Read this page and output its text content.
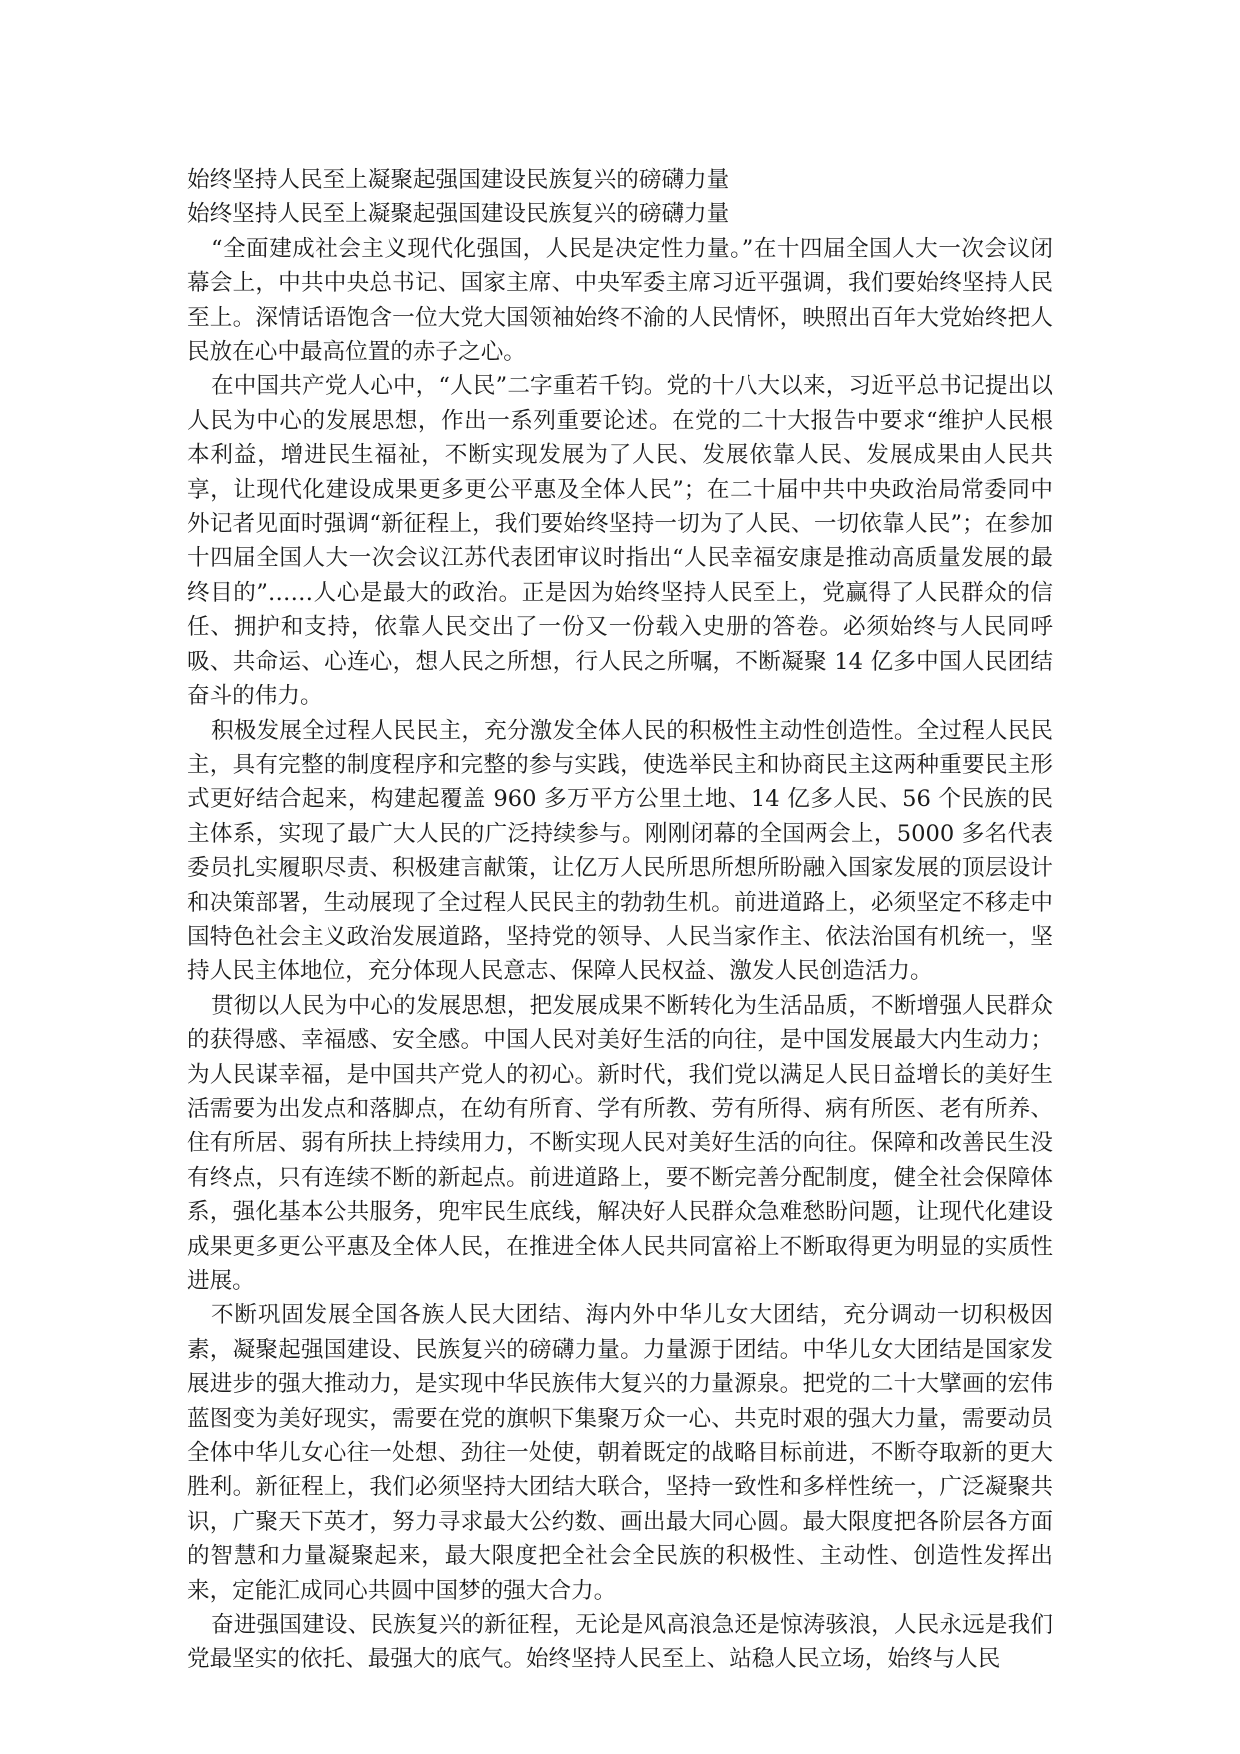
始终坚持人民至上凝聚起强国建设民族复兴的磅礴力量

始终坚持人民至上凝聚起强国建设民族复兴的磅礴力量

“全面建成社会主义现代化强国，人民是决定性力量。”在十四届全国人大一次会议闭幕会上，中共中央总书记、国家主席、中央军委主席习近平强调，我们要始终坚持人民至上。深情话语饱含一位大党大国领袖始终不渝的人民情怀，映照出百年大党始终把人民放在心中最高位置的赤子之心。

在中国共产党人心中，“人民”二字重若千钧。党的十八大以来，习近平总书记提出以人民为中心的发展思想，作出一系列重要论述。在党的二十大报告中要求“维护人民根本利益，增进民生福祉，不断实现发展为了人民、发展依靠人民、发展成果由人民共享，让现代化建设成果更多更公平惠及全体人民”；在二十届中共中央政治局常委同中外记者见面时强调“新征程上，我们要始终坚持一切为了人民、一切依靠人民”；在参加十四届全国人大一次会议江苏代表团审议时指出“人民幸福安康是推动高质量发展的最终目的”……人心是最大的政治。正是因为始终坚持人民至上，党赢得了人民群众的信任、拥护和支持，依靠人民交出了一份又一份载入史册的答卷。必须始终与人民同呼吸、共命运、心连心，想人民之所想，行人民之所嘱，不断凝聚 14 亿多中国人民团结奋斗的伟力。

积极发展全过程人民民主，充分激发全体人民的积极性主动性创造性。全过程人民民主，具有完整的制度程序和完整的参与实践，使选举民主和协商民主这两种重要民主形式更好结合起来，构建起覆盖 960 多万平方公里土地、14 亿多人民、56 个民族的民主体系，实现了最广大人民的广泛持续参与。刚刚闭幕的全国两会上，5000 多名代表委员扎实履职尽责、积极建言献策，让亿万人民所思所想所盼融入国家发展的顶层设计和决策部署，生动展现了全过程人民民主的勃勃生机。前进道路上，必须坚定不移走中国特色社会主义政治发展道路，坚持党的领导、人民当家作主、依法治国有机统一，坚持人民主体地位，充分体现人民意志、保障人民权益、激发人民创造活力。

贯彻以人民为中心的发展思想，把发展成果不断转化为生活品质，不断增强人民群众的获得感、幸福感、安全感。中国人民对美好生活的向往，是中国发展最大内生动力；为人民谋幸福，是中国共产党人的初心。新时代，我们党以满足人民日益增长的美好生活需要为出发点和落脚点，在幼有所育、学有所教、劳有所得、病有所医、老有所养、住有所居、弱有所扶上持续用力，不断实现人民对美好生活的向往。保障和改善民生没有终点，只有连续不断的新起点。前进道路上，要不断完善分配制度，健全社会保障体系，强化基本公共服务，兜牢民生底线，解决好人民群众急难愁盼问题，让现代化建设成果更多更公平惠及全体人民，在推进全体人民共同富裕上不断取得更为明显的实质性进展。

不断巩固发展全国各族人民大团结、海内外中华儿女大团结，充分调动一切积极因素，凝聚起强国建设、民族复兴的磅礴力量。力量源于团结。中华儿女大团结是国家发展进步的强大推动力，是实现中华民族伟大复兴的力量源泉。把党的二十大擘画的宏伟蓝图变为美好现实，需要在党的旗帜下集聚万众一心、共克时艰的强大力量，需要动员全体中华儿女心往一处想、劲往一处使，朝着既定的战略目标前进，不断夺取新的更大胜利。新征程上，我们必须坚持大团结大联合，坚持一致性和多样性统一，广泛凝聚共识，广聚天下英才，努力寻求最大公约数、画出最大同心圆。最大限度把各阶层各方面的智慧和力量凝聚起来，最大限度把全社会全民族的积极性、主动性、创造性发挥出来，定能汇成同心共圆中国梦的强大合力。

奋进强国建设、民族复兴的新征程，无论是风高浪急还是惊涛骇浪，人民永远是我们党最坚实的依托、最强大的底气。始终坚持人民至上、站稳人民立场，始终与人民
